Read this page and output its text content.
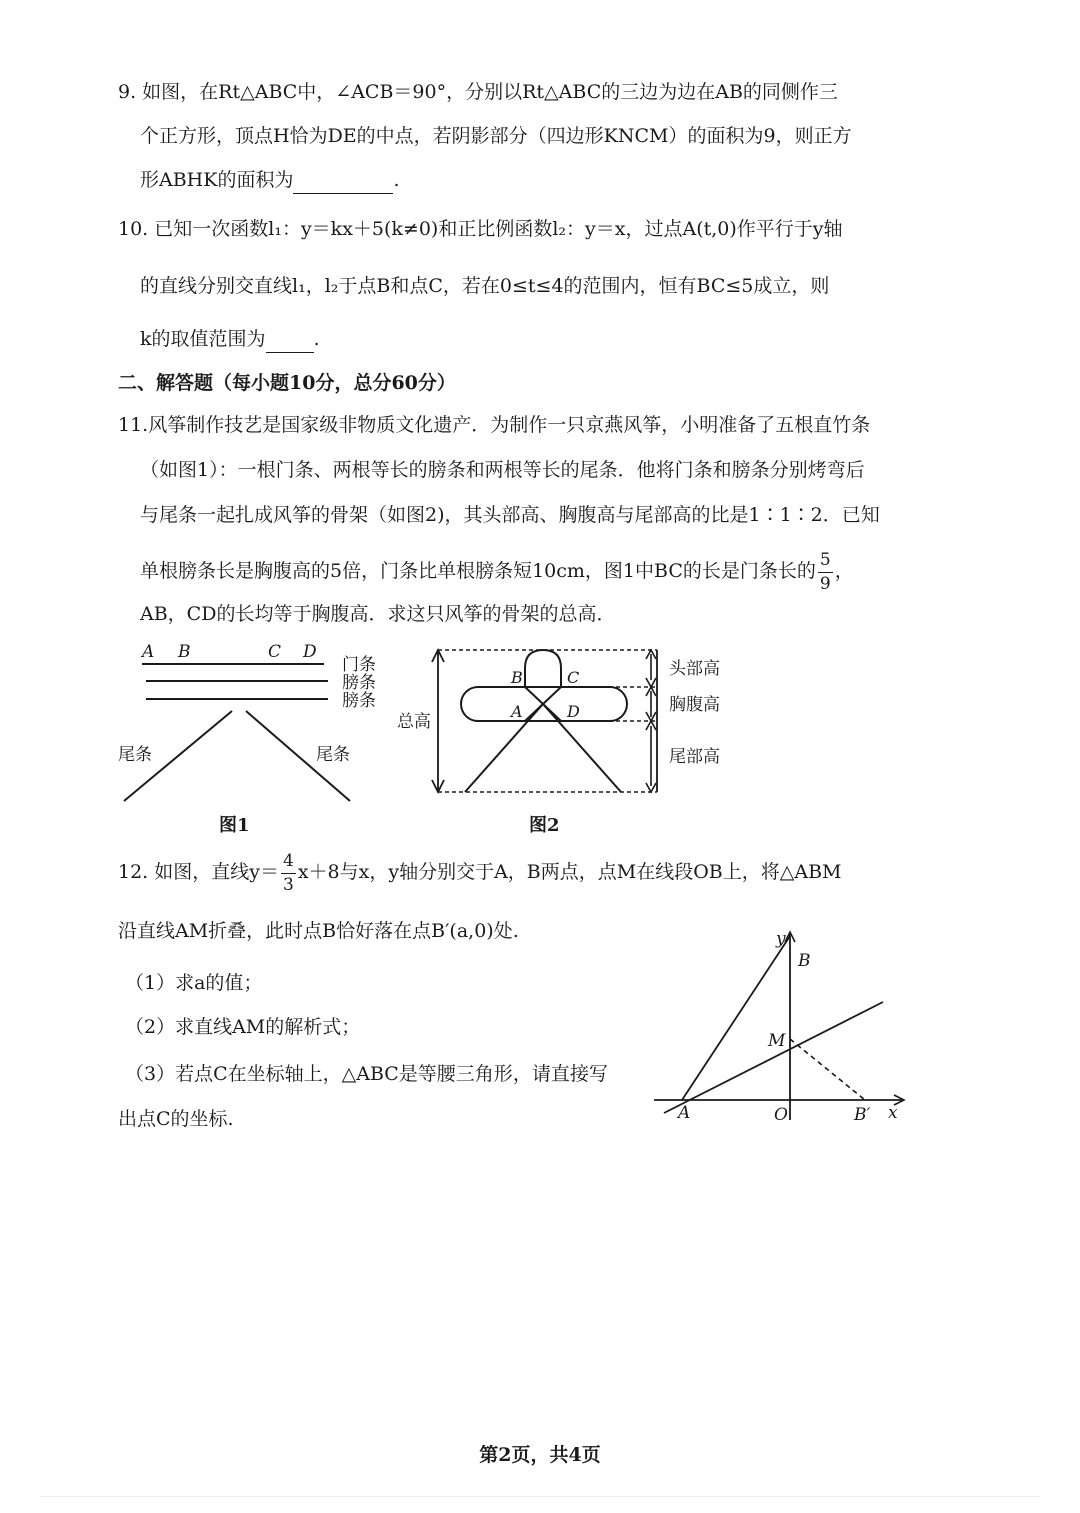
9. 如图，在Rt△ABC中，∠ACB＝90°，分别以Rt△ABC的三边为边在AB的同侧作三
个正方形，顶点H恰为DE的中点，若阴影部分（四边形KNCM）的面积为9，则正方
形ABHK的面积为	.
10. 已知一次函数l₁：y＝kx＋5(k≠0)和正比例函数l₂：y＝x，过点A(t,0)作平行于y轴
的直线分别交直线l₁，l₂于点B和点C，若在0≤t≤4的范围内，恒有BC≤5成立，则
k的取值范围为	.
二、解答题（每小题10分，总分60分）
11.风筝制作技艺是国家级非物质文化遗产．为制作一只京燕风筝，小明准备了五根直竹条
（如图1）：一根门条、两根等长的膀条和两根等长的尾条．他将门条和膀条分别烤弯后
与尾条一起扎成风筝的骨架（如图2)，其头部高、胸腹高与尾部高的比是1∶1∶2．已知
单根膀条长是胸腹高的5倍，门条比单根膀条短10cm，图1中BC的长是门条长的 $\frac{5}{9}$ ，
AB，CD的长均等于胸腹高．求这只风筝的骨架的总高．
A B	C D
门条
膀条
膀条
尾条	尾条
图1
总高
B	C
A	D
头部高
胸腹高
尾部高
图2
12. 如图，直线$y= \frac{4}{3} x+8$与x，y轴分别交于A，B两点，点M在线段OB上，将△ABM
沿直线AM折叠，此时点B恰好落在点B′(a,0)处.
（1）求a的值；
（2）求直线AM的解析式；
（3）若点C在坐标轴上，△ABC是等腰三角形，请直接写
出点C的坐标.
y
x
B
M
A	O	B′
第2页，共4页
